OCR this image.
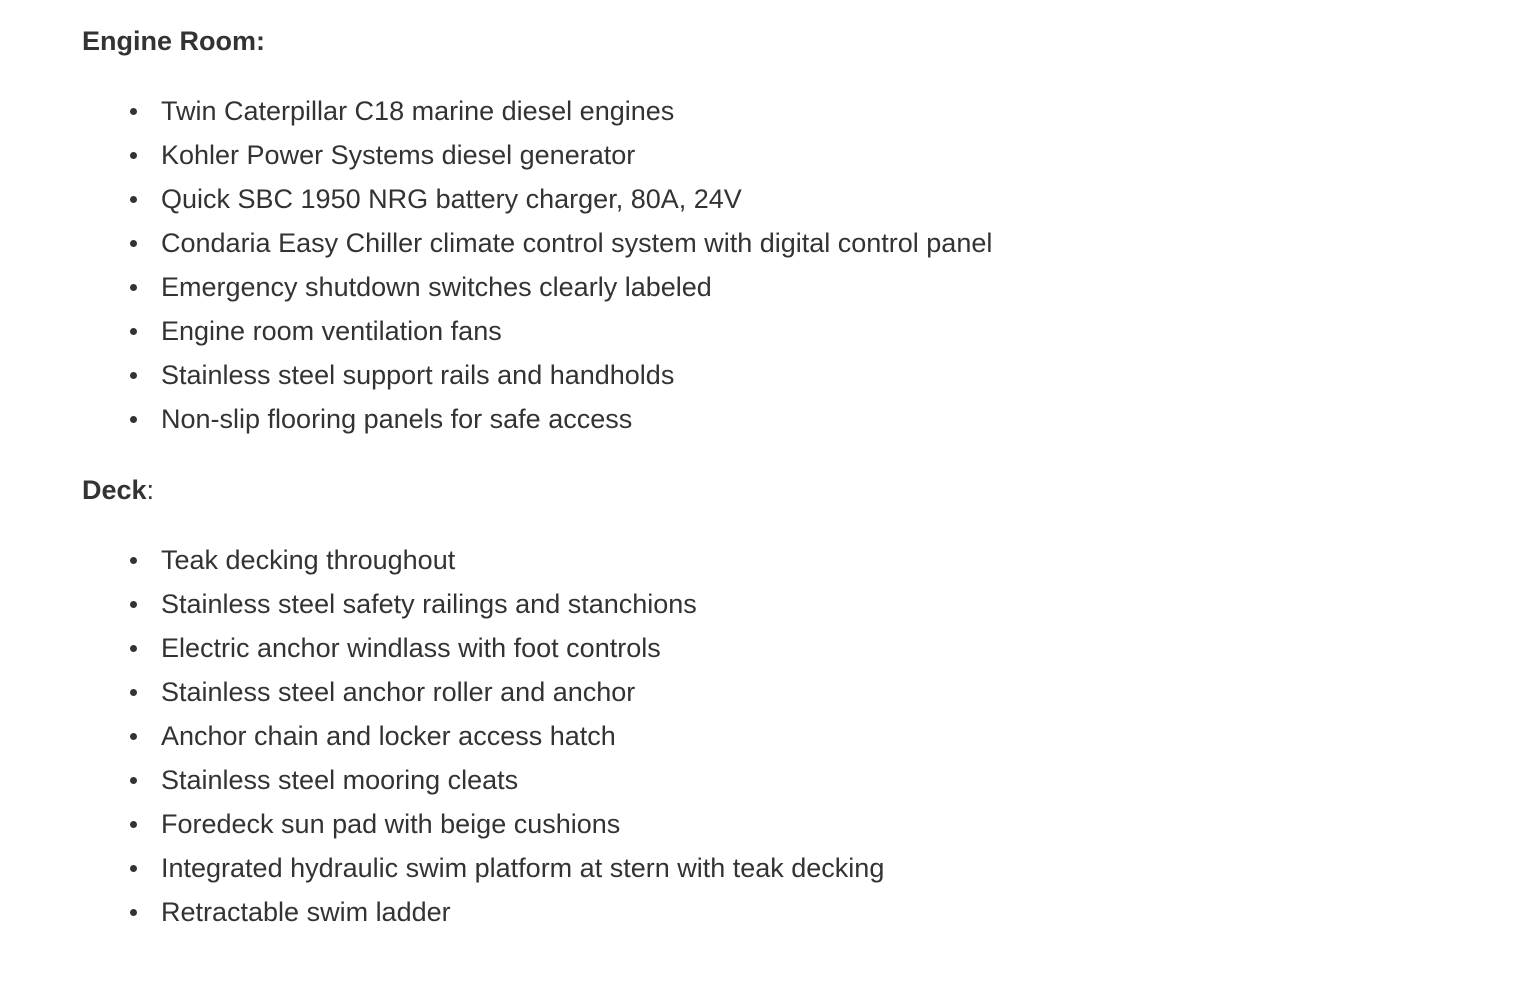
Engine Room:
Twin Caterpillar C18 marine diesel engines
Kohler Power Systems diesel generator
Quick SBC 1950 NRG battery charger, 80A, 24V
Condaria Easy Chiller climate control system with digital control panel
Emergency shutdown switches clearly labeled
Engine room ventilation fans
Stainless steel support rails and handholds
Non-slip flooring panels for safe access
Deck:
Teak decking throughout
Stainless steel safety railings and stanchions
Electric anchor windlass with foot controls
Stainless steel anchor roller and anchor
Anchor chain and locker access hatch
Stainless steel mooring cleats
Foredeck sun pad with beige cushions
Integrated hydraulic swim platform at stern with teak decking
Retractable swim ladder
